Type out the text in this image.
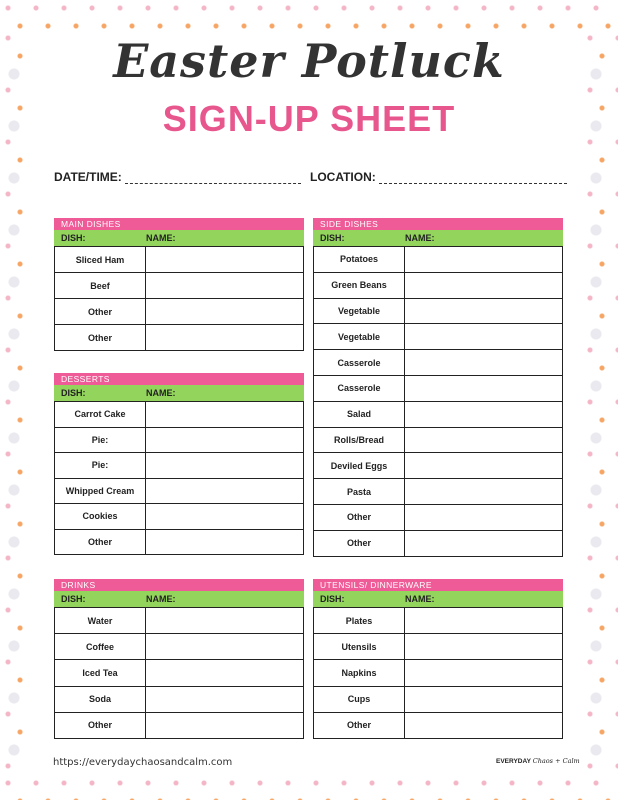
Easter Potluck
SIGN-UP SHEET
DATE/TIME:	LOCATION:
MAIN DISHES
DISH:	NAME:
Sliced Ham
Beef
Other
Other
DESSERTS
DISH:	NAME:
Carrot Cake
Pie:
Pie:
Whipped Cream
Cookies
Other
DRINKS
DISH:	NAME:
Water
Coffee
Iced Tea
Soda
Other
SIDE DISHES
DISH:	NAME:
Potatoes
Green Beans
Vegetable
Vegetable
Casserole
Casserole
Salad
Rolls/Bread
Deviled Eggs
Pasta
Other
Other
UTENSILS/ DINNERWARE
DISH:	NAME:
Plates
Utensils
Napkins
Cups
Other
https://everydaychaosandcalm.com	EVERYDAY Chaos + Calm
